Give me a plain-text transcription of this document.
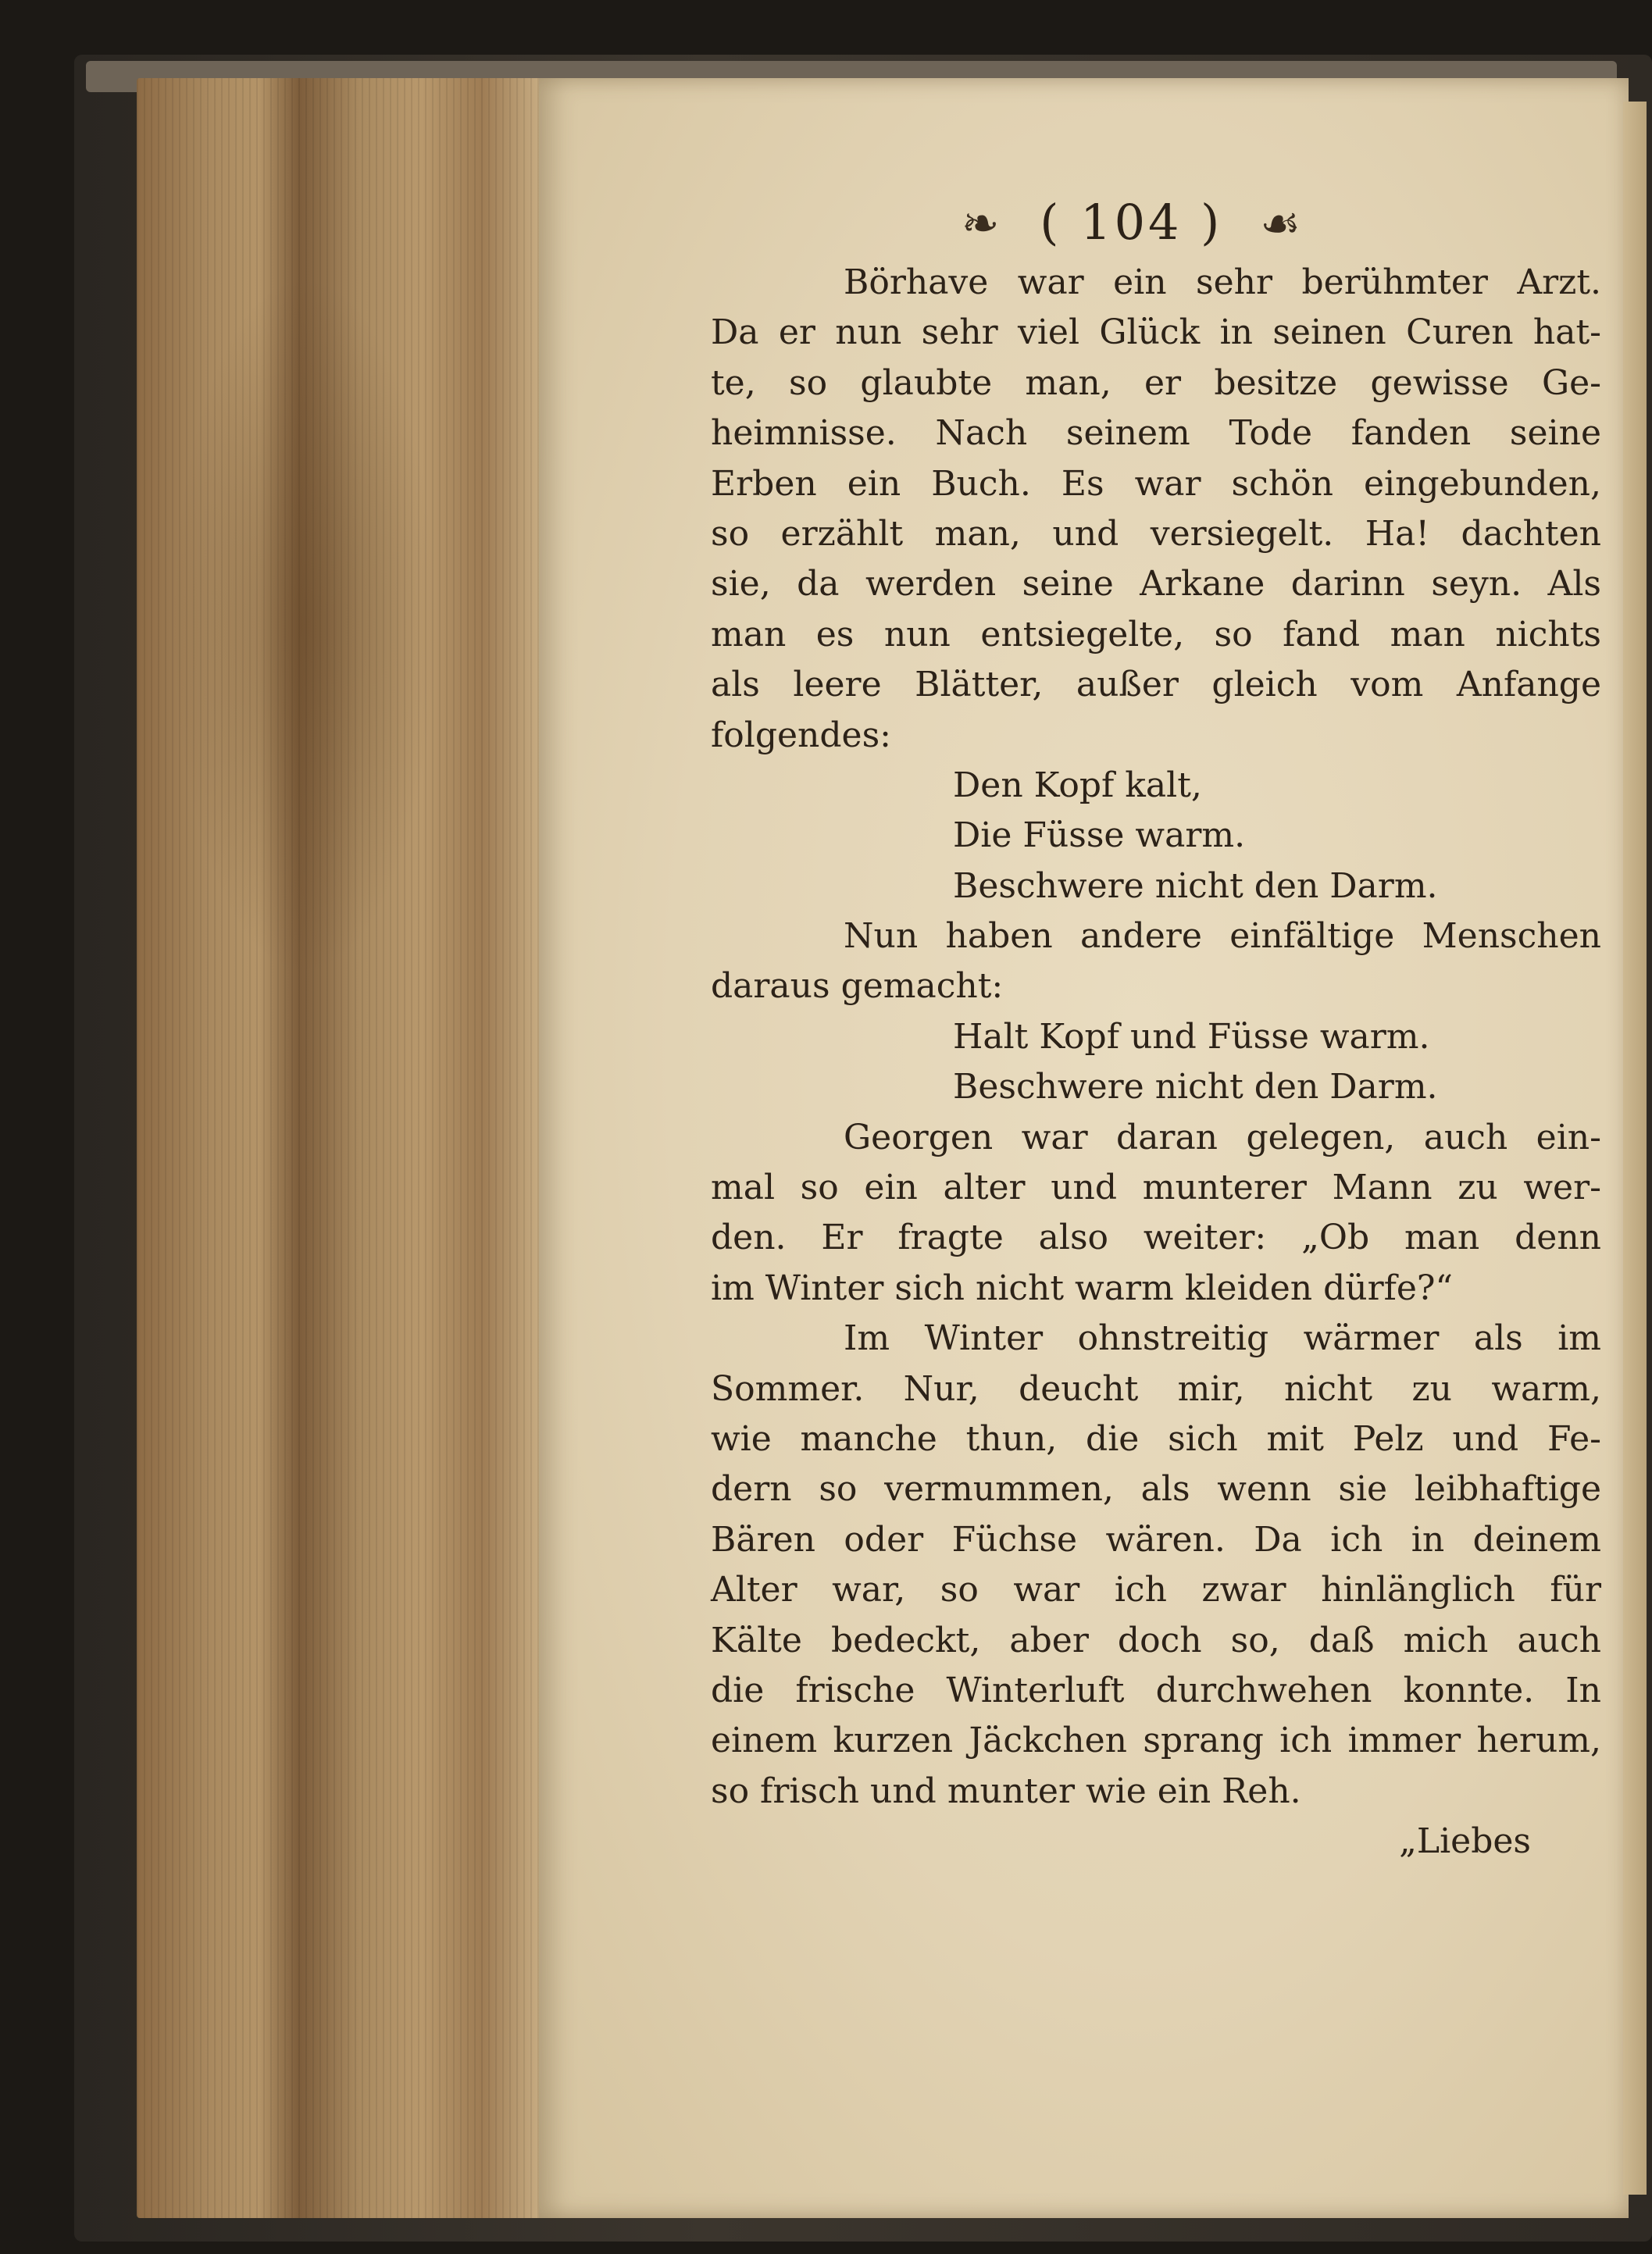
❧ ( 104 ) ☙
Börhave war ein sehr berühmter Arzt.
Da er nun sehr viel Glück in seinen Curen hat-
te, so glaubte man, er besitze gewisse Ge-
heimnisse. Nach seinem Tode fanden seine
Erben ein Buch. Es war schön eingebunden,
so erzählt man, und versiegelt. Ha! dachten
sie, da werden seine Arkane darinn seyn. Als
man es nun entsiegelte, so fand man nichts
als leere Blätter, außer gleich vom Anfange
folgendes:
Den Kopf kalt,
Die Füsse warm.
Beschwere nicht den Darm.
Nun haben andere einfältige Menschen
daraus gemacht:
Halt Kopf und Füsse warm.
Beschwere nicht den Darm.
Georgen war daran gelegen, auch ein-
mal so ein alter und munterer Mann zu wer-
den. Er fragte also weiter: „Ob man denn
im Winter sich nicht warm kleiden dürfe?“
Im Winter ohnstreitig wärmer als im
Sommer. Nur, deucht mir, nicht zu warm,
wie manche thun, die sich mit Pelz und Fe-
dern so vermummen, als wenn sie leibhaftige
Bären oder Füchse wären. Da ich in deinem
Alter war, so war ich zwar hinlänglich für
Kälte bedeckt, aber doch so, daß mich auch
die frische Winterluft durchwehen konnte. In
einem kurzen Jäckchen sprang ich immer herum,
so frisch und munter wie ein Reh.
„Liebes
